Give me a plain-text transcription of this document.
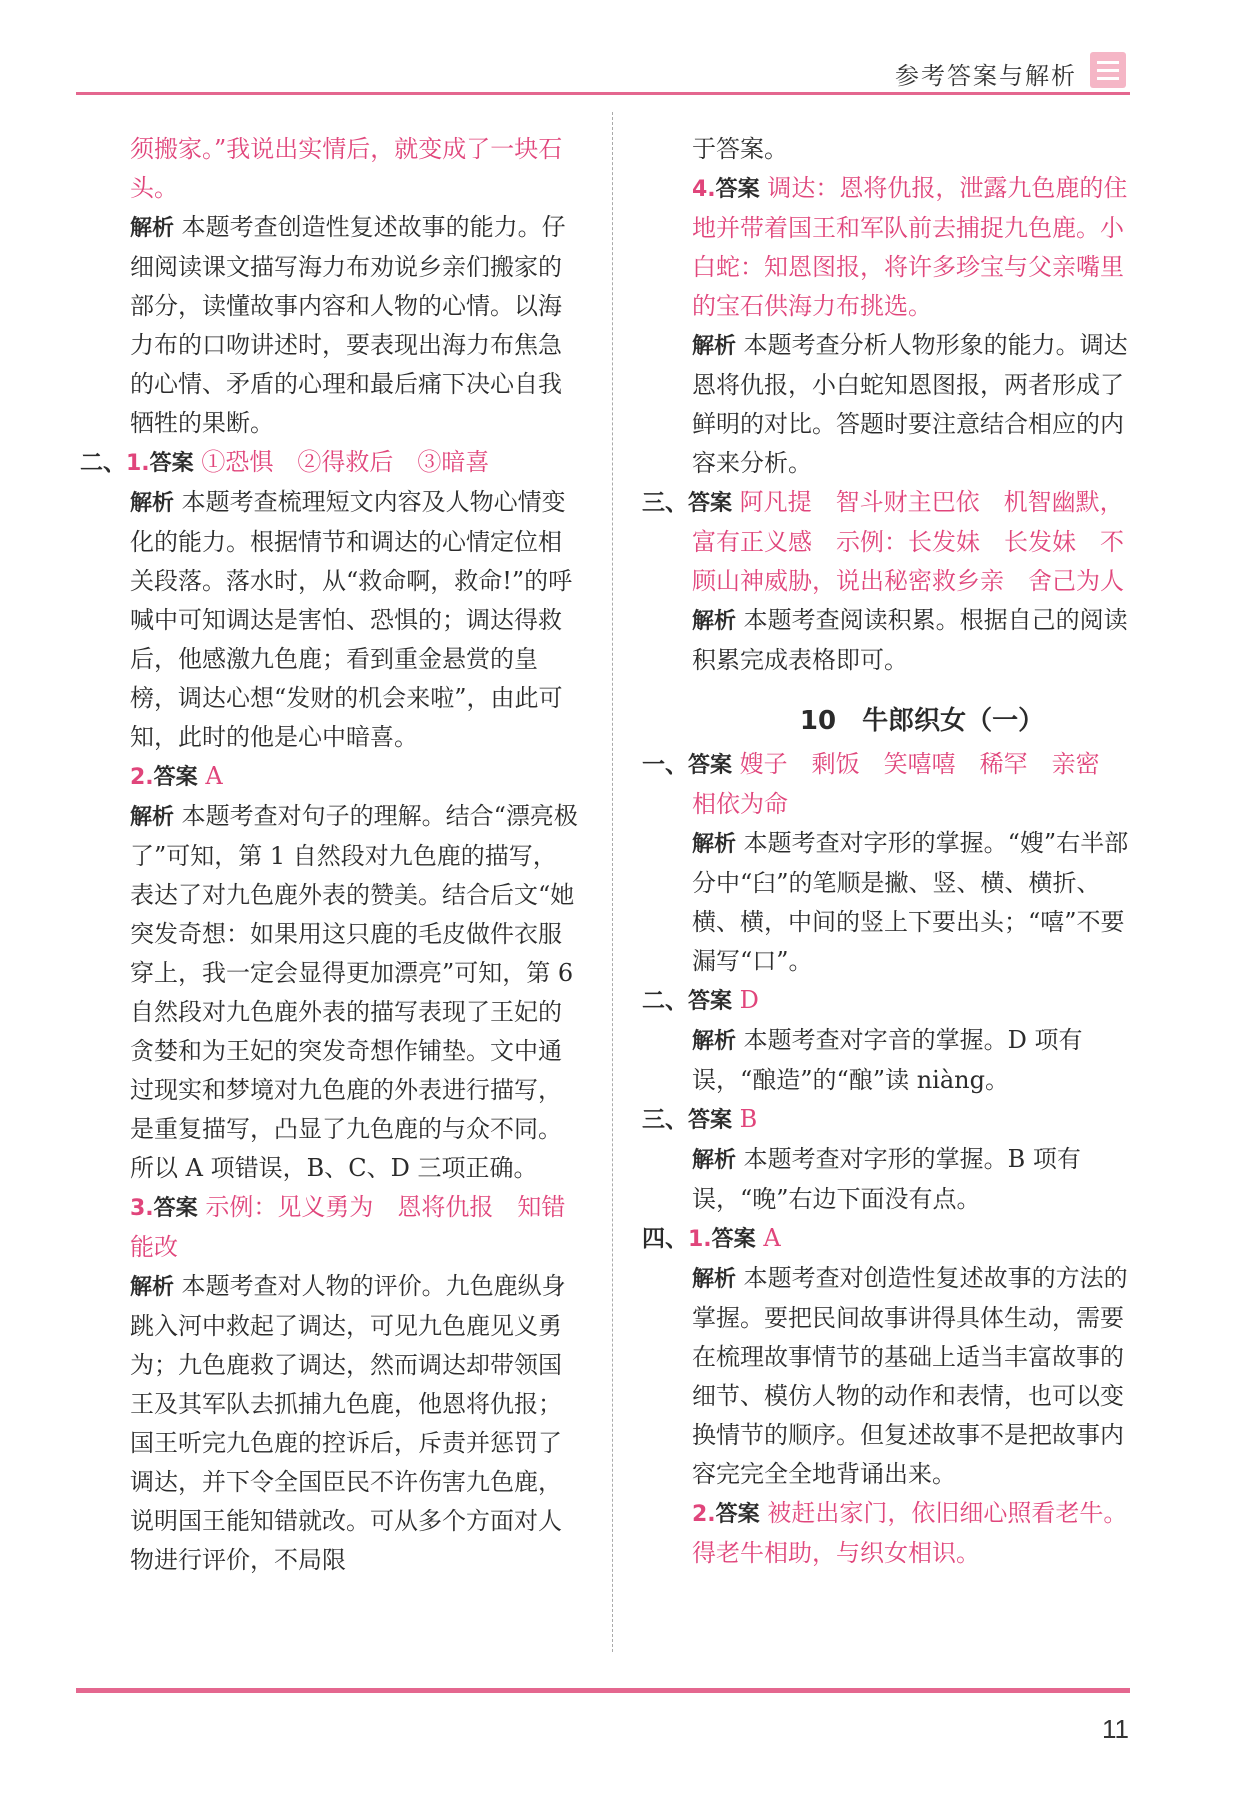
参考答案与解析

须搬家。”我说出实情后，就变成了一块石头。

解析 本题考查创造性复述故事的能力。仔细阅读课文描写海力布劝说乡亲们搬家的部分，读懂故事内容和人物的心情。以海力布的口吻讲述时，要表现出海力布焦急的心情、矛盾的心理和最后痛下决心自我牺牲的果断。

二、1.答案 ①恐惧　②得救后　③暗喜

解析 本题考查梳理短文内容及人物心情变化的能力。根据情节和调达的心情定位相关段落。落水时，从“救命啊，救命!”的呼喊中可知调达是害怕、恐惧的；调达得救后，他感激九色鹿；看到重金悬赏的皇榜，调达心想“发财的机会来啦”，由此可知，此时的他是心中暗喜。

2.答案 A

解析 本题考查对句子的理解。结合“漂亮极了”可知，第 1 自然段对九色鹿的描写，表达了对九色鹿外表的赞美。结合后文“她突发奇想：如果用这只鹿的毛皮做件衣服穿上，我一定会显得更加漂亮”可知，第 6 自然段对九色鹿外表的描写表现了王妃的贪婪和为王妃的突发奇想作铺垫。文中通过现实和梦境对九色鹿的外表进行描写，是重复描写，凸显了九色鹿的与众不同。所以 A 项错误，B、C、D 三项正确。

3.答案 示例：见义勇为　恩将仇报　知错能改

解析 本题考查对人物的评价。九色鹿纵身跳入河中救起了调达，可见九色鹿见义勇为；九色鹿救了调达，然而调达却带领国王及其军队去抓捕九色鹿，他恩将仇报；国王听完九色鹿的控诉后，斥责并惩罚了调达，并下令全国臣民不许伤害九色鹿，说明国王能知错就改。可从多个方面对人物进行评价，不局限

于答案。

4.答案 调达：恩将仇报，泄露九色鹿的住地并带着国王和军队前去捕捉九色鹿。小白蛇：知恩图报，将许多珍宝与父亲嘴里的宝石供海力布挑选。

解析 本题考查分析人物形象的能力。调达恩将仇报，小白蛇知恩图报，两者形成了鲜明的对比。答题时要注意结合相应的内容来分析。

三、答案 阿凡提　智斗财主巴依　机智幽默，富有正义感　示例：长发妹　长发妹　不顾山神威胁，说出秘密救乡亲　舍己为人

解析 本题考查阅读积累。根据自己的阅读积累完成表格即可。

10　牛郎织女（一）

一、答案 嫂子　剩饭　笑嘻嘻　稀罕　亲密　相依为命

解析 本题考查对字形的掌握。“嫂”右半部分中“臼”的笔顺是撇、竖、横、横折、横、横，中间的竖上下要出头；“嘻”不要漏写“口”。

二、答案 D

解析 本题考查对字音的掌握。D 项有误，“酿造”的“酿”读 niàng。

三、答案 B

解析 本题考查对字形的掌握。B 项有误，“晚”右边下面没有点。

四、1.答案 A

解析 本题考查对创造性复述故事的方法的掌握。要把民间故事讲得具体生动，需要在梳理故事情节的基础上适当丰富故事的细节、模仿人物的动作和表情，也可以变换情节的顺序。但复述故事不是把故事内容完完全全地背诵出来。

2.答案 被赶出家门，依旧细心照看老牛。得老牛相助，与织女相识。

11
